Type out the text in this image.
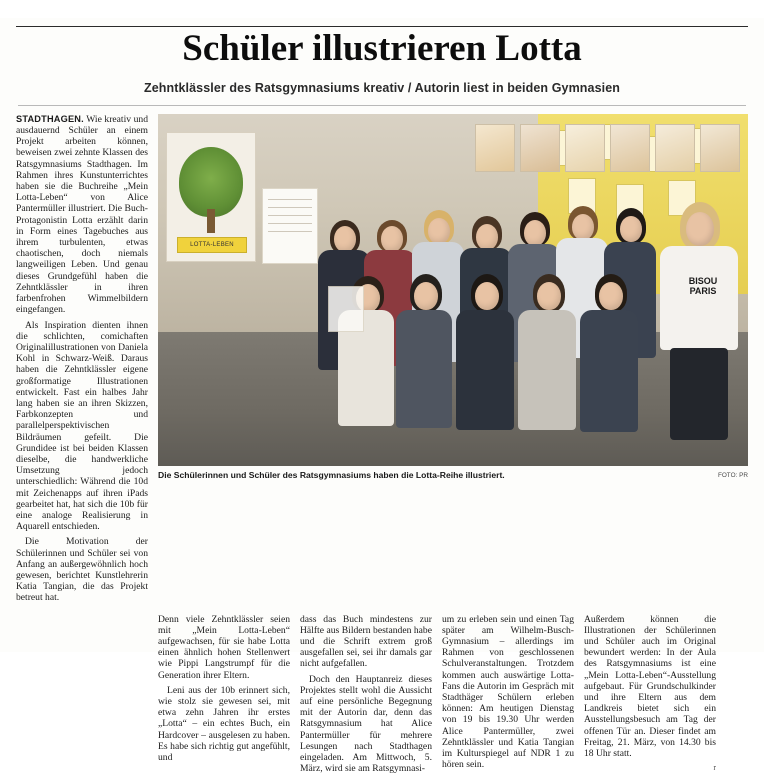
Schüler illustrieren Lotta
Zehntklässler des Ratsgymnasiums kreativ / Autorin liest in beiden Gymnasien

STADTHAGEN. Wie kreativ und ausdauernd Schüler an einem Projekt arbeiten können, beweisen zwei zehnte Klassen des Ratsgymnasiums Stadthagen. Im Rahmen ihres Kunstunterrichtes haben sie die Buchreihe „Mein Lotta-Leben“ von Alice Pantermüller illustriert. Die Buch-Protagonistin Lotta erzählt darin in Form eines Tagebuches aus ihrem turbulenten, etwas chaotischen, doch niemals langweiligen Leben. Und genau dieses Grundgefühl haben die Zehntklässler in ihren farbenfrohen Wimmelbildern eingefangen.

Als Inspiration dienten ihnen die schlichten, comichaften Originalillustrationen von Daniela Kohl in Schwarz-Weiß. Daraus haben die Zehntklässler eigene großformatige Illustrationen entwickelt. Fast ein halbes Jahr lang haben sie an ihren Skizzen, Farbkonzepten und parallelperspektivischen Bildräumen gefeilt. Die Grundidee ist bei beiden Klassen dieselbe, die handwerkliche Umsetzung jedoch unterschiedlich: Während die 10d mit Zeichenapps auf ihren iPads gearbeitet hat, hat sich die 10b für eine analoge Realisierung in Aquarell entschieden.

Die Motivation der Schülerinnen und Schüler sei von Anfang an außergewöhnlich hoch gewesen, berichtet Kunstlehrerin Katia Tangian, die das Projekt betreut hat.

LOTTA-LEBEN
BISOU
PARIS
Die Schülerinnen und Schüler des Ratsgymnasiums haben die Lotta-Reihe illustriert.	FOTO: PR

Denn viele Zehntklässler seien mit „Mein Lotta-Leben“ aufgewachsen, für sie habe Lotta einen ähnlich hohen Stellenwert wie Pippi Langstrumpf für die Generation ihrer Eltern.

Leni aus der 10b erinnert sich, wie stolz sie gewesen sei, mit etwa zehn Jahren ihr erstes „Lotta“ – ein echtes Buch, ein Hardcover – ausgelesen zu haben. Es habe sich richtig gut angefühlt, und

dass das Buch mindestens zur Hälfte aus Bildern bestanden habe und die Schrift extrem groß ausgefallen sei, sei ihr damals gar nicht aufgefallen.

Doch den Hauptanreiz dieses Projektes stellt wohl die Aussicht auf eine persönliche Begegnung mit der Autorin dar, denn das Ratsgymnasium hat Alice Pantermüller für mehrere Lesungen nach Stadthagen eingeladen. Am Mittwoch, 5. März, wird sie am Ratsgymnasi-

um zu erleben sein und einen Tag später am Wilhelm-Busch-Gymnasium – allerdings im Rahmen von geschlossenen Schulveranstaltungen. Trotzdem kommen auch auswärtige Lotta-Fans die Autorin im Gespräch mit Stadthäger Schülern erleben können: Am heutigen Dienstag von 19 bis 19.30 Uhr werden Alice Pantermüller, zwei Zehntklässler und Katia Tangian im Kulturspiegel auf NDR 1 zu hören sein.

Außerdem können die Illustrationen der Schülerinnen und Schüler auch im Original bewundert werden: In der Aula des Ratsgymnasiums ist eine „Mein Lotta-Leben“-Ausstellung aufgebaut. Für Grundschulkinder und ihre Eltern aus dem Landkreis bietet sich ein Ausstellungsbesuch am Tag der offenen Tür an. Dieser findet am Freitag, 21. März, von 14.30 bis 18 Uhr statt.

r
